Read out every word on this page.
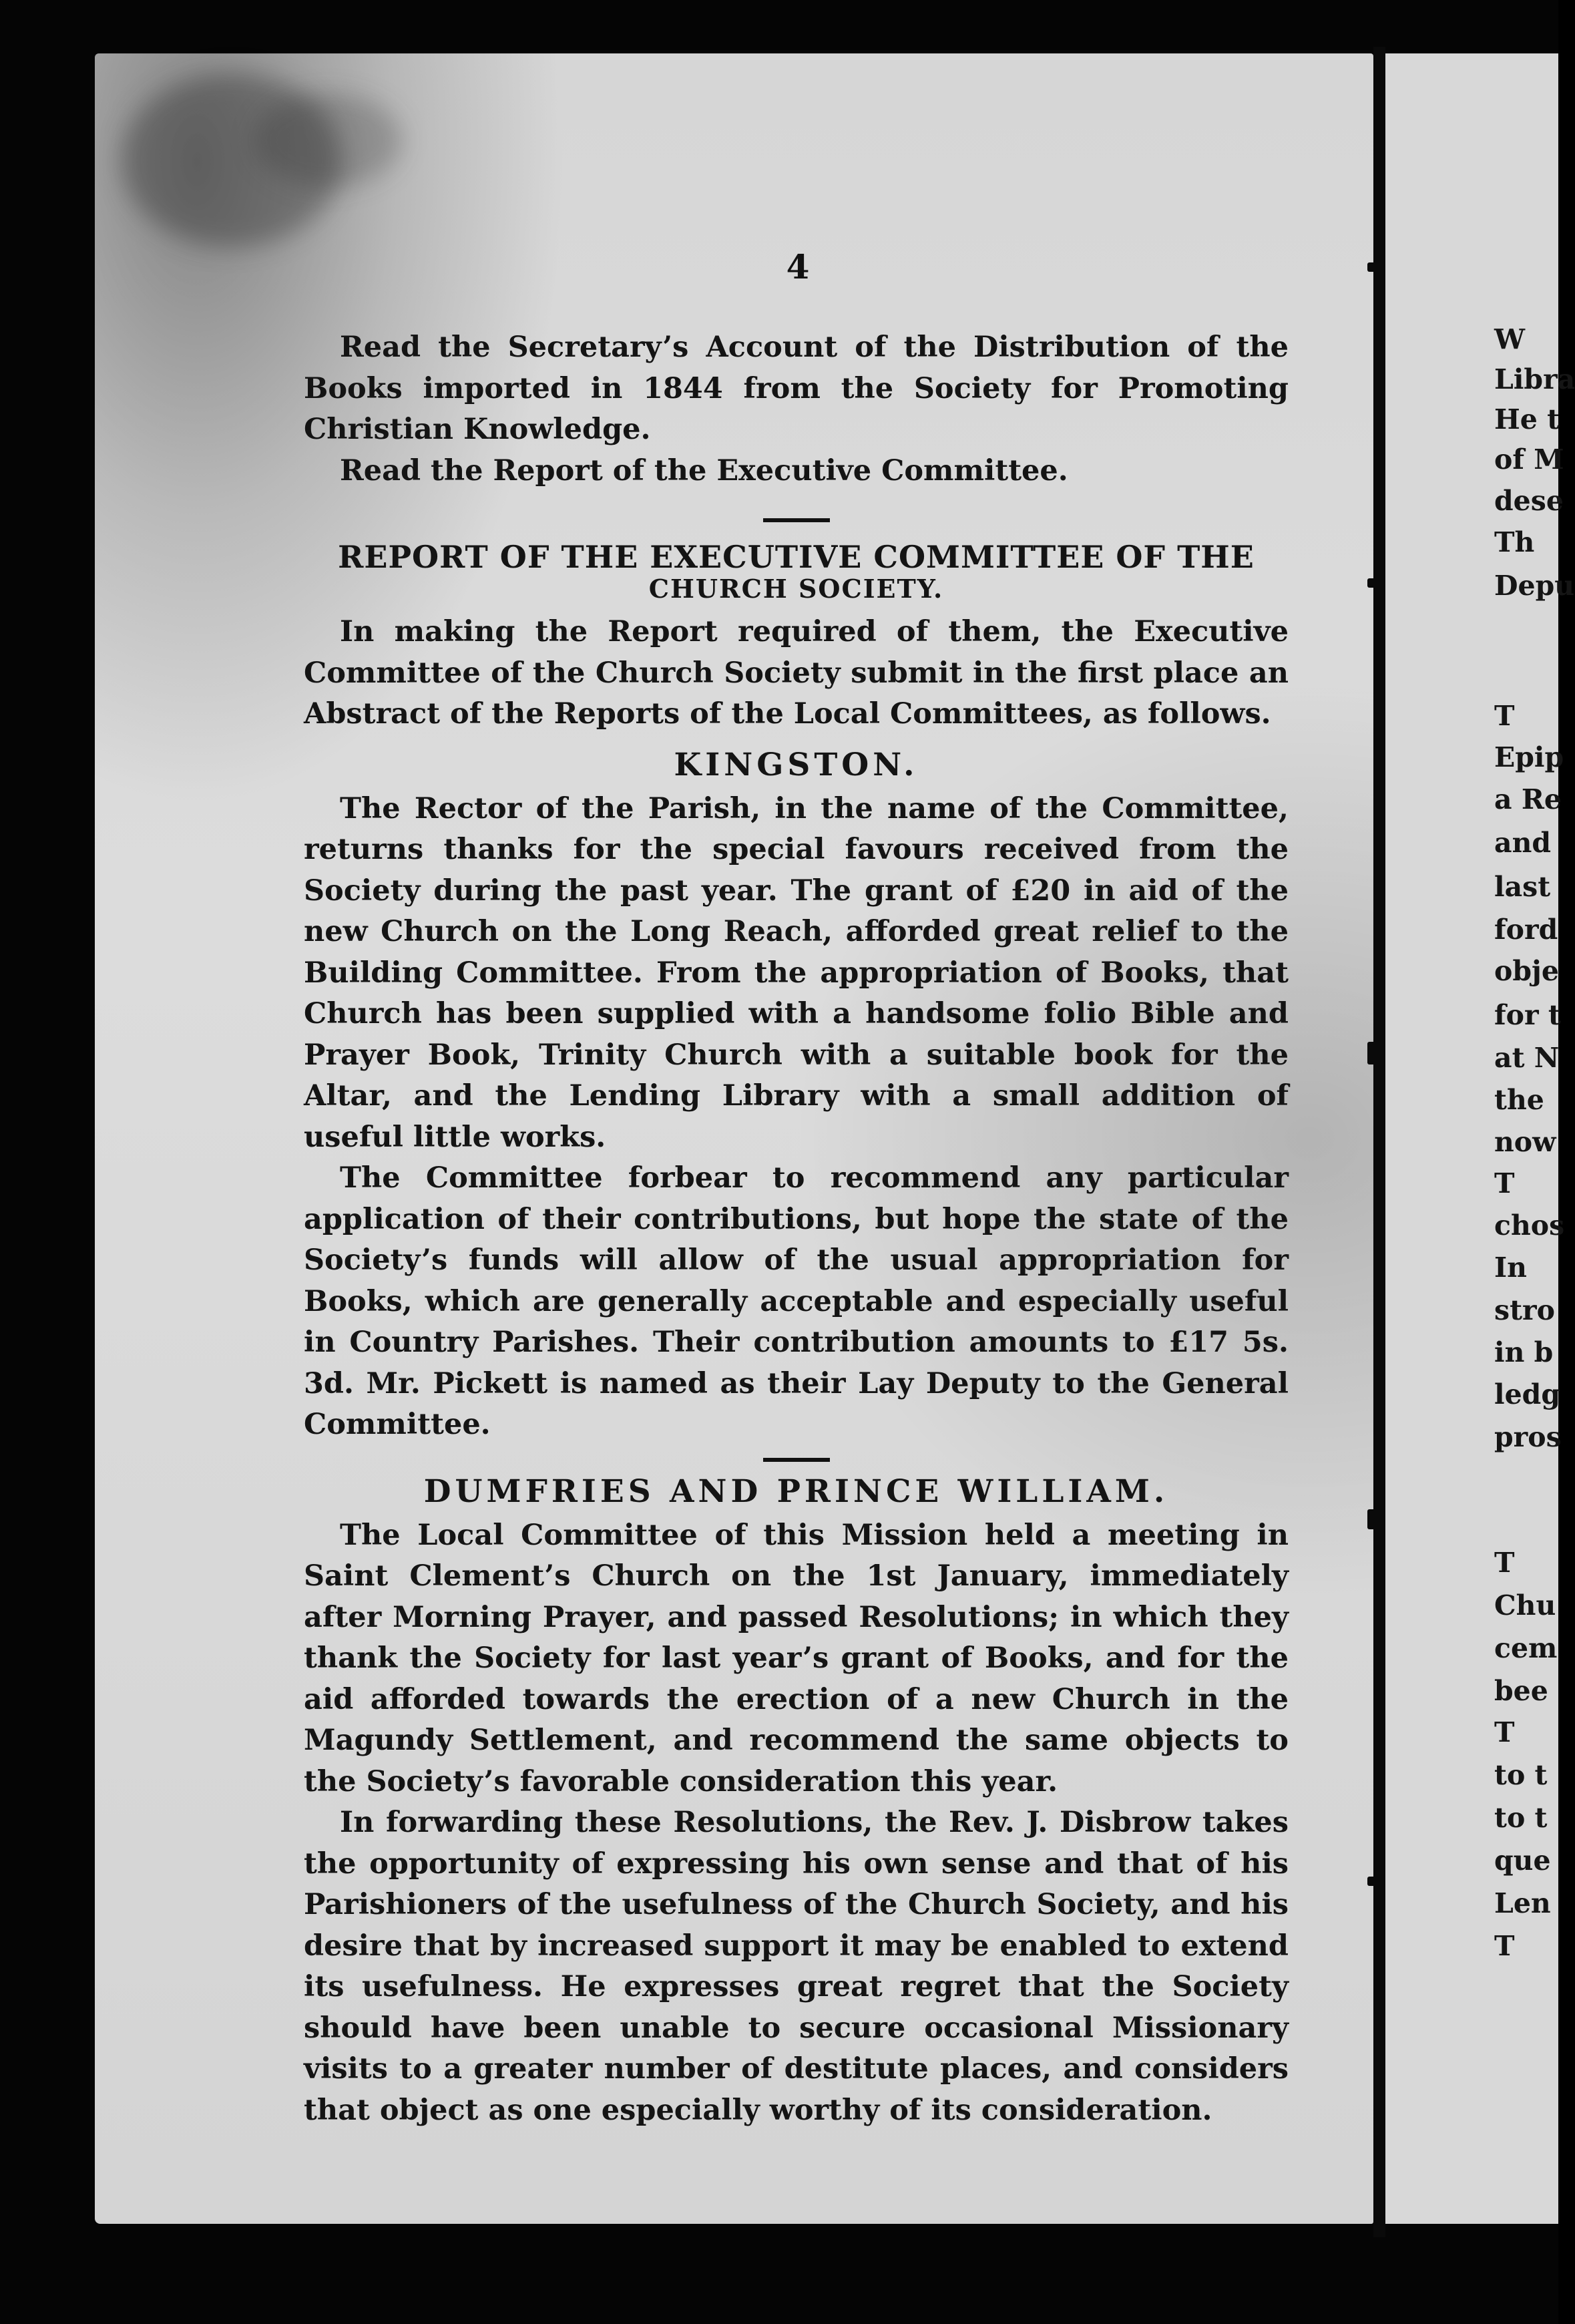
4

Read the Secretary’s Account of the Distribution of the Books imported in 1844 from the Society for Promoting Christian Knowledge.

Read the Report of the Executive Committee.

REPORT OF THE EXECUTIVE COMMITTEE OF THE

CHURCH SOCIETY.

In making the Report required of them, the Executive Committee of the Church Society submit in the first place an Abstract of the Reports of the Local Committees, as follows.

KINGSTON.

The Rector of the Parish, in the name of the Committee, returns thanks for the special favours received from the Society during the past year. The grant of £20 in aid of the new Church on the Long Reach, afforded great relief to the Building Committee. From the appropriation of Books, that Church has been supplied with a handsome folio Bible and Prayer Book, Trinity Church with a suitable book for the Altar, and the Lending Library with a small addition of useful little works.

The Committee forbear to recommend any particular application of their contributions, but hope the state of the Society’s funds will allow of the usual appropriation for Books, which are generally acceptable and especially useful in Country Parishes. Their contribution amounts to £17 5s. 3d. Mr. Pickett is named as their Lay Deputy to the General Committee.

DUMFRIES AND PRINCE WILLIAM.

The Local Committee of this Mission held a meeting in Saint Clement’s Church on the 1st January, immediately after Morning Prayer, and passed Resolutions; in which they thank the Society for last year’s grant of Books, and for the aid afforded towards the erection of a new Church in the Magundy Settlement, and recommend the same objects to the Society’s favorable consideration this year.

In forwarding these Resolutions, the Rev. J. Disbrow takes the opportunity of expressing his own sense and that of his Parishioners of the usefulness of the Church Society, and his desire that by increased support it may be enabled to extend its usefulness. He expresses great regret that the Society should have been unable to secure occasional Missionary visits to a greater number of destitute places, and considers that object as one especially worthy of its consideration.

W
Libra
He t
of M
dese
Th
Depu
T
Epip
a Re
and
last
ford
obje
for t
at N
the
now
T
chos
In
stro
in b
ledg
pros
T
Chu
cem
bee
T
to t
to t
que
Len
T
